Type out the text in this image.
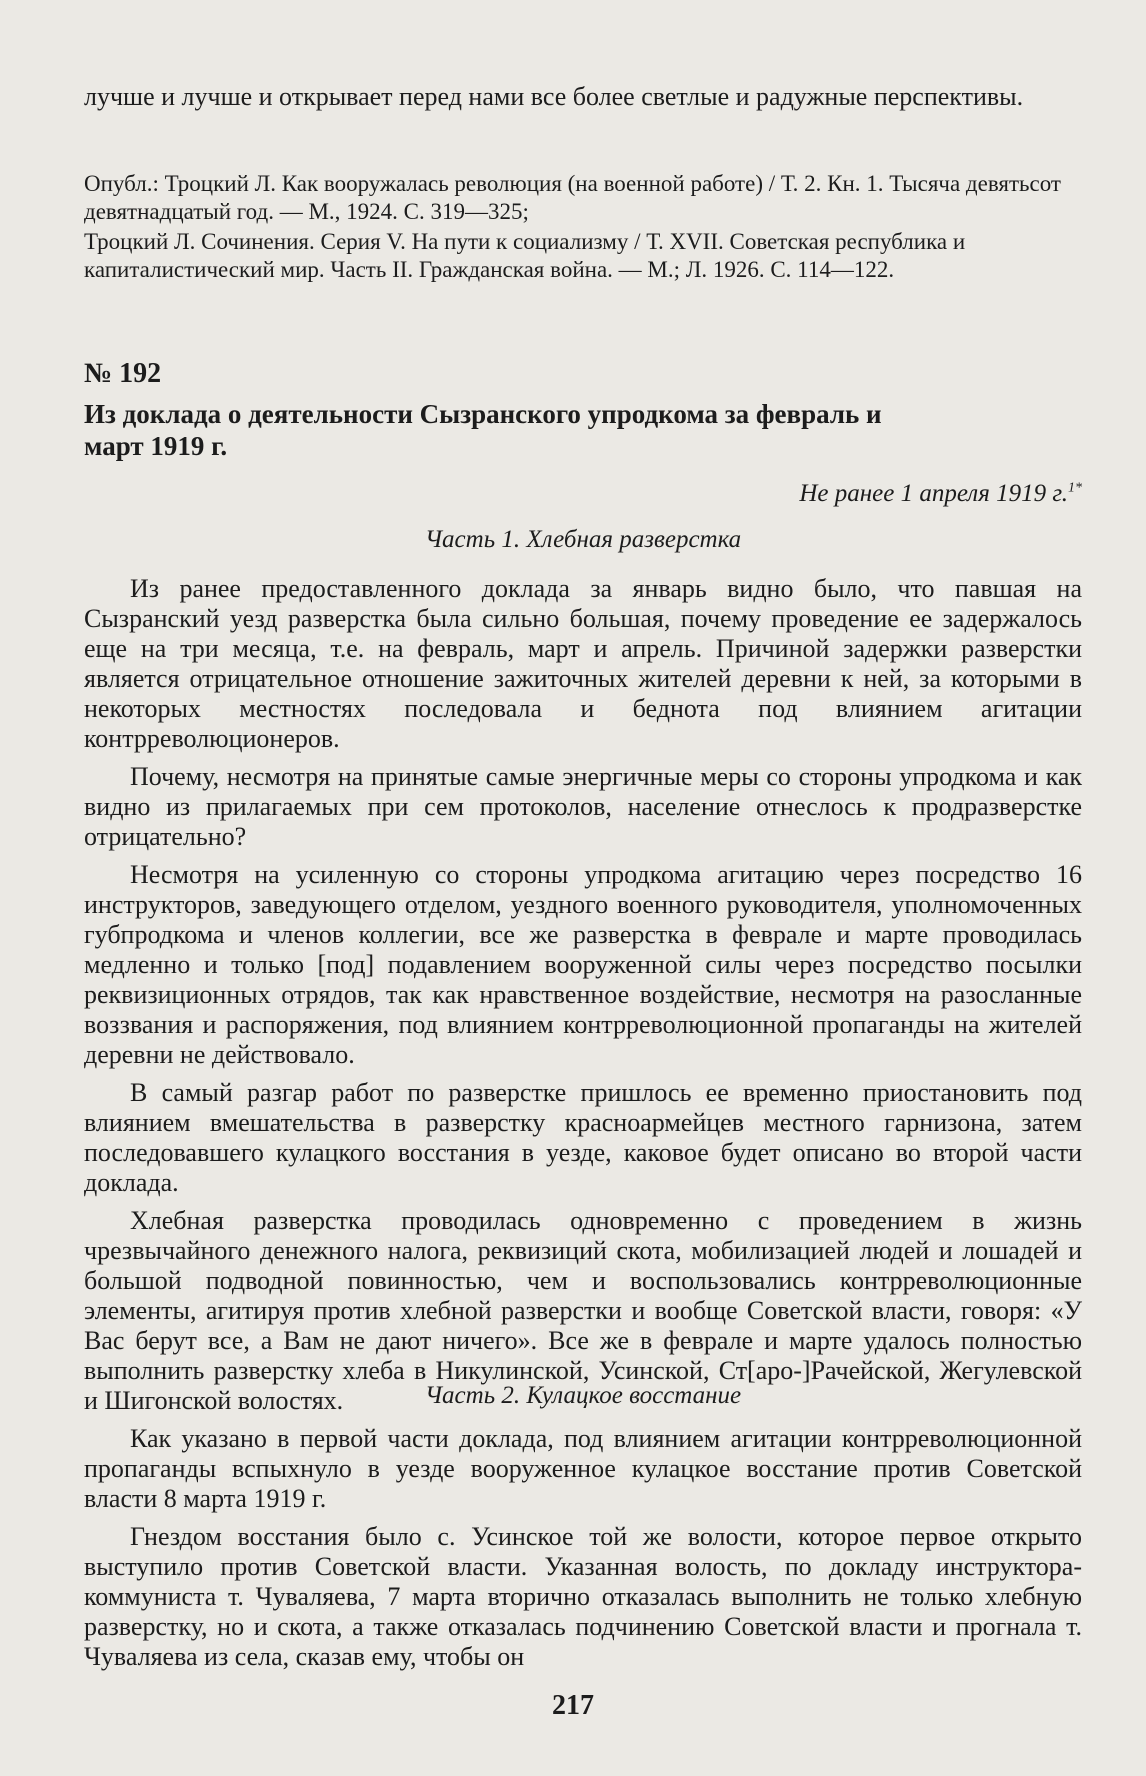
лучше и лучше и открывает перед нами все более светлые и радужные перспективы.

Опубл.: Троцкий Л. Как вооружалась революция (на военной работе) / Т. 2. Кн. 1. Тысяча девятьсот девятнадцатый год. — М., 1924. С. 319—325;

Троцкий Л. Сочинения. Серия V. На пути к социализму / Т. XVII. Советская республика и капиталистический мир. Часть II. Гражданская война. — М.; Л. 1926. С. 114—122.

№ 192

Из доклада о деятельности Сызранского упродкома за февраль и март 1919 г.

Не ранее 1 апреля 1919 г.$^{1*}$

Часть 1. Хлебная разверстка

Из ранее предоставленного доклада за январь видно было, что павшая на Сызранский уезд разверстка была сильно большая, почему проведение ее задержалось еще на три месяца, т.е. на февраль, март и апрель. Причиной задержки разверстки является отрицательное отношение зажиточных жителей деревни к ней, за которыми в некоторых местностях последовала и беднота под влиянием агитации контрреволюционеров.

Почему, несмотря на принятые самые энергичные меры со стороны упродкома и как видно из прилагаемых при сем протоколов, население отнеслось к продразверстке отрицательно?

Несмотря на усиленную со стороны упродкома агитацию через посредство 16 инструкторов, заведующего отделом, уездного военного руководителя, уполномоченных губпродкома и членов коллегии, все же разверстка в феврале и марте проводилась медленно и только [под] подавлением вооруженной силы через посредство посылки реквизиционных отрядов, так как нравственное воздействие, несмотря на разосланные воззвания и распоряжения, под влиянием контрреволюционной пропаганды на жителей деревни не действовало.

В самый разгар работ по разверстке пришлось ее временно приостановить под влиянием вмешательства в разверстку красноармейцев местного гарнизона, затем последовавшего кулацкого восстания в уезде, каковое будет описано во второй части доклада.

Хлебная разверстка проводилась одновременно с проведением в жизнь чрезвычайного денежного налога, реквизиций скота, мобилизацией людей и лошадей и большой подводной повинностью, чем и воспользовались контрреволюционные элементы, агитируя против хлебной разверстки и вообще Советской власти, говоря: «У Вас берут все, а Вам не дают ничего». Все же в феврале и марте удалось полностью выполнить разверстку хлеба в Никулинской, Усинской, Ст[аро-]Рачейской, Жегулевской и Шигонской волостях.	Часть 2. Кулацкое восстание

Как указано в первой части доклада, под влиянием агитации контрреволюционной пропаганды вспыхнуло в уезде вооруженное кулацкое восстание против Советской власти 8 марта 1919 г.

Гнездом восстания было с. Усинское той же волости, которое первое открыто выступило против Советской власти. Указанная волость, по докладу инструктора-коммуниста т. Чуваляева, 7 марта вторично отказалась выполнить не только хлебную разверстку, но и скота, а также отказалась подчинению Советской власти и прогнала т. Чуваляева из села, сказав ему, чтобы он

217
